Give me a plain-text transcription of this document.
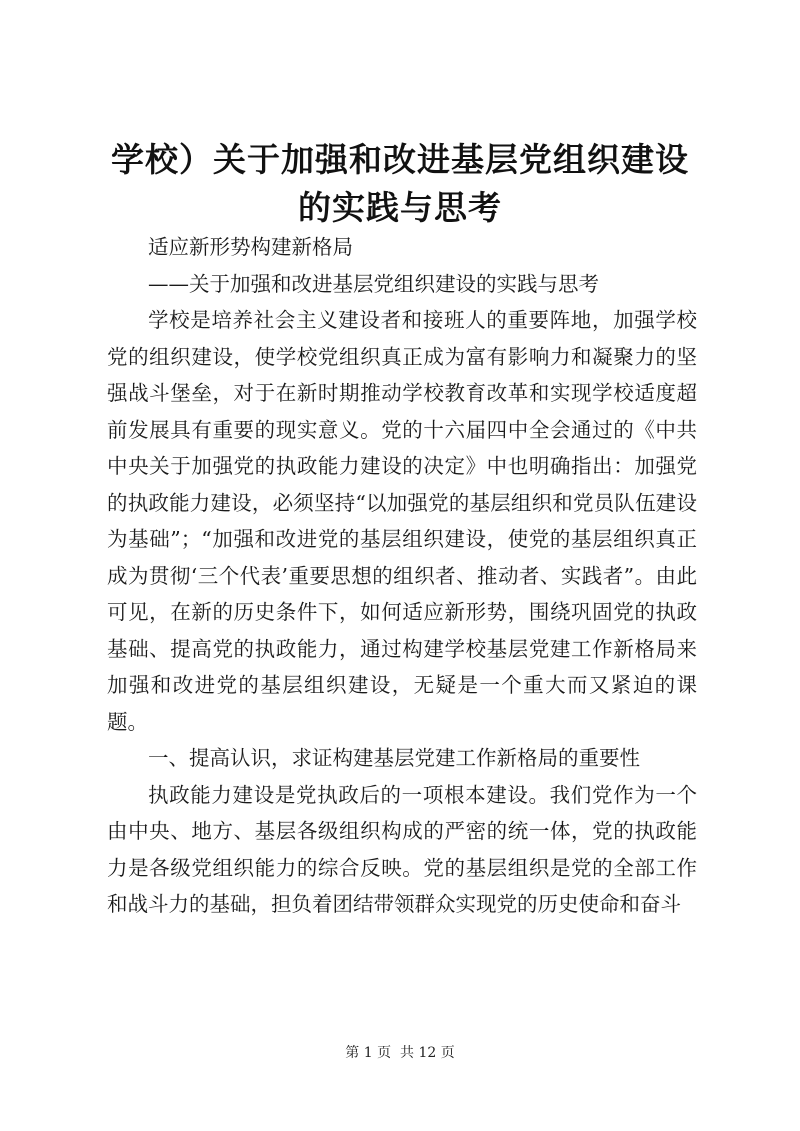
学校）关于加强和改进基层党组织建设的实践与思考

适应新形势构建新格局

——关于加强和改进基层党组织建设的实践与思考

学校是培养社会主义建设者和接班人的重要阵地，加强学校党的组织建设，使学校党组织真正成为富有影响力和凝聚力的坚强战斗堡垒，对于在新时期推动学校教育改革和实现学校适度超前发展具有重要的现实意义。党的十六届四中全会通过的《中共中央关于加强党的执政能力建设的决定》中也明确指出：加强党的执政能力建设，必须坚持“以加强党的基层组织和党员队伍建设为基础”；“加强和改进党的基层组织建设，使党的基层组织真正成为贯彻‘三个代表’重要思想的组织者、推动者、实践者”。由此可见，在新的历史条件下，如何适应新形势，围绕巩固党的执政基础、提高党的执政能力，通过构建学校基层党建工作新格局来加强和改进党的基层组织建设，无疑是一个重大而又紧迫的课题。

一、提高认识，求证构建基层党建工作新格局的重要性

执政能力建设是党执政后的一项根本建设。我们党作为一个由中央、地方、基层各级组织构成的严密的统一体，党的执政能力是各级党组织能力的综合反映。党的基层组织是党的全部工作和战斗力的基础，担负着团结带领群众实现党的历史使命和奋斗

第 1 页  共 12 页
